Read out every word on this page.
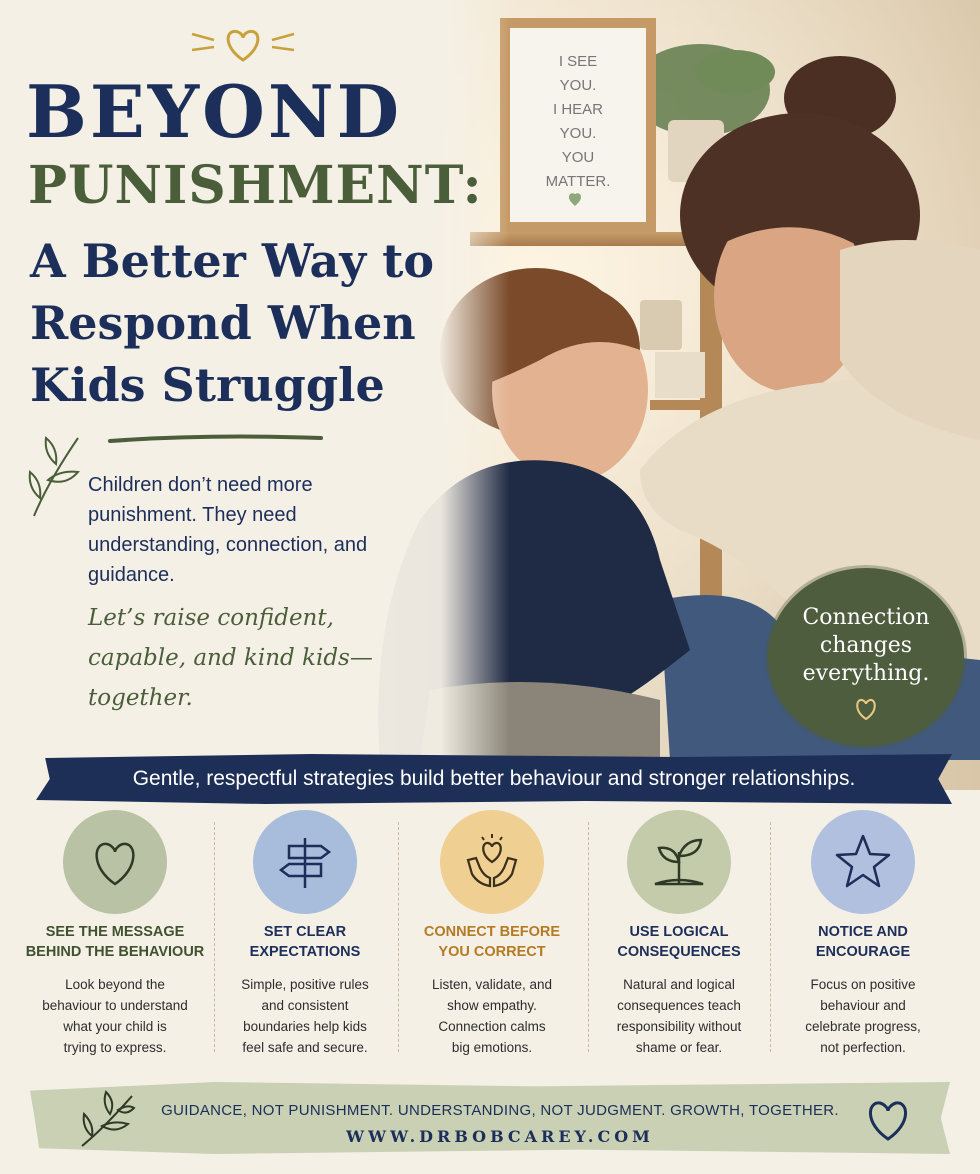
BEYOND
PUNISHMENT:
A Better Way to Respond When Kids Struggle
Children don’t need more punishment. They need understanding, connection, and guidance.
Let’s raise confident, capable, and kind kids— together.
Connection
changes
everything.
Gentle, respectful strategies build better behaviour and stronger relationships.
SEE THE MESSAGE
BEHIND THE BEHAVIOUR
Look beyond the
behaviour to understand
what your child is
trying to express.
SET CLEAR
EXPECTATIONS
Simple, positive rules
and consistent
boundaries help kids
feel safe and secure.
CONNECT BEFORE
YOU CORRECT
Listen, validate, and
show empathy.
Connection calms
big emotions.
USE LOGICAL
CONSEQUENCES
Natural and logical
consequences teach
responsibility without
shame or fear.
NOTICE AND
ENCOURAGE
Focus on positive
behaviour and
celebrate progress,
not perfection.
GUIDANCE, NOT PUNISHMENT. UNDERSTANDING, NOT JUDGMENT. GROWTH, TOGETHER.
WWW.DRBOBCAREY.COM
